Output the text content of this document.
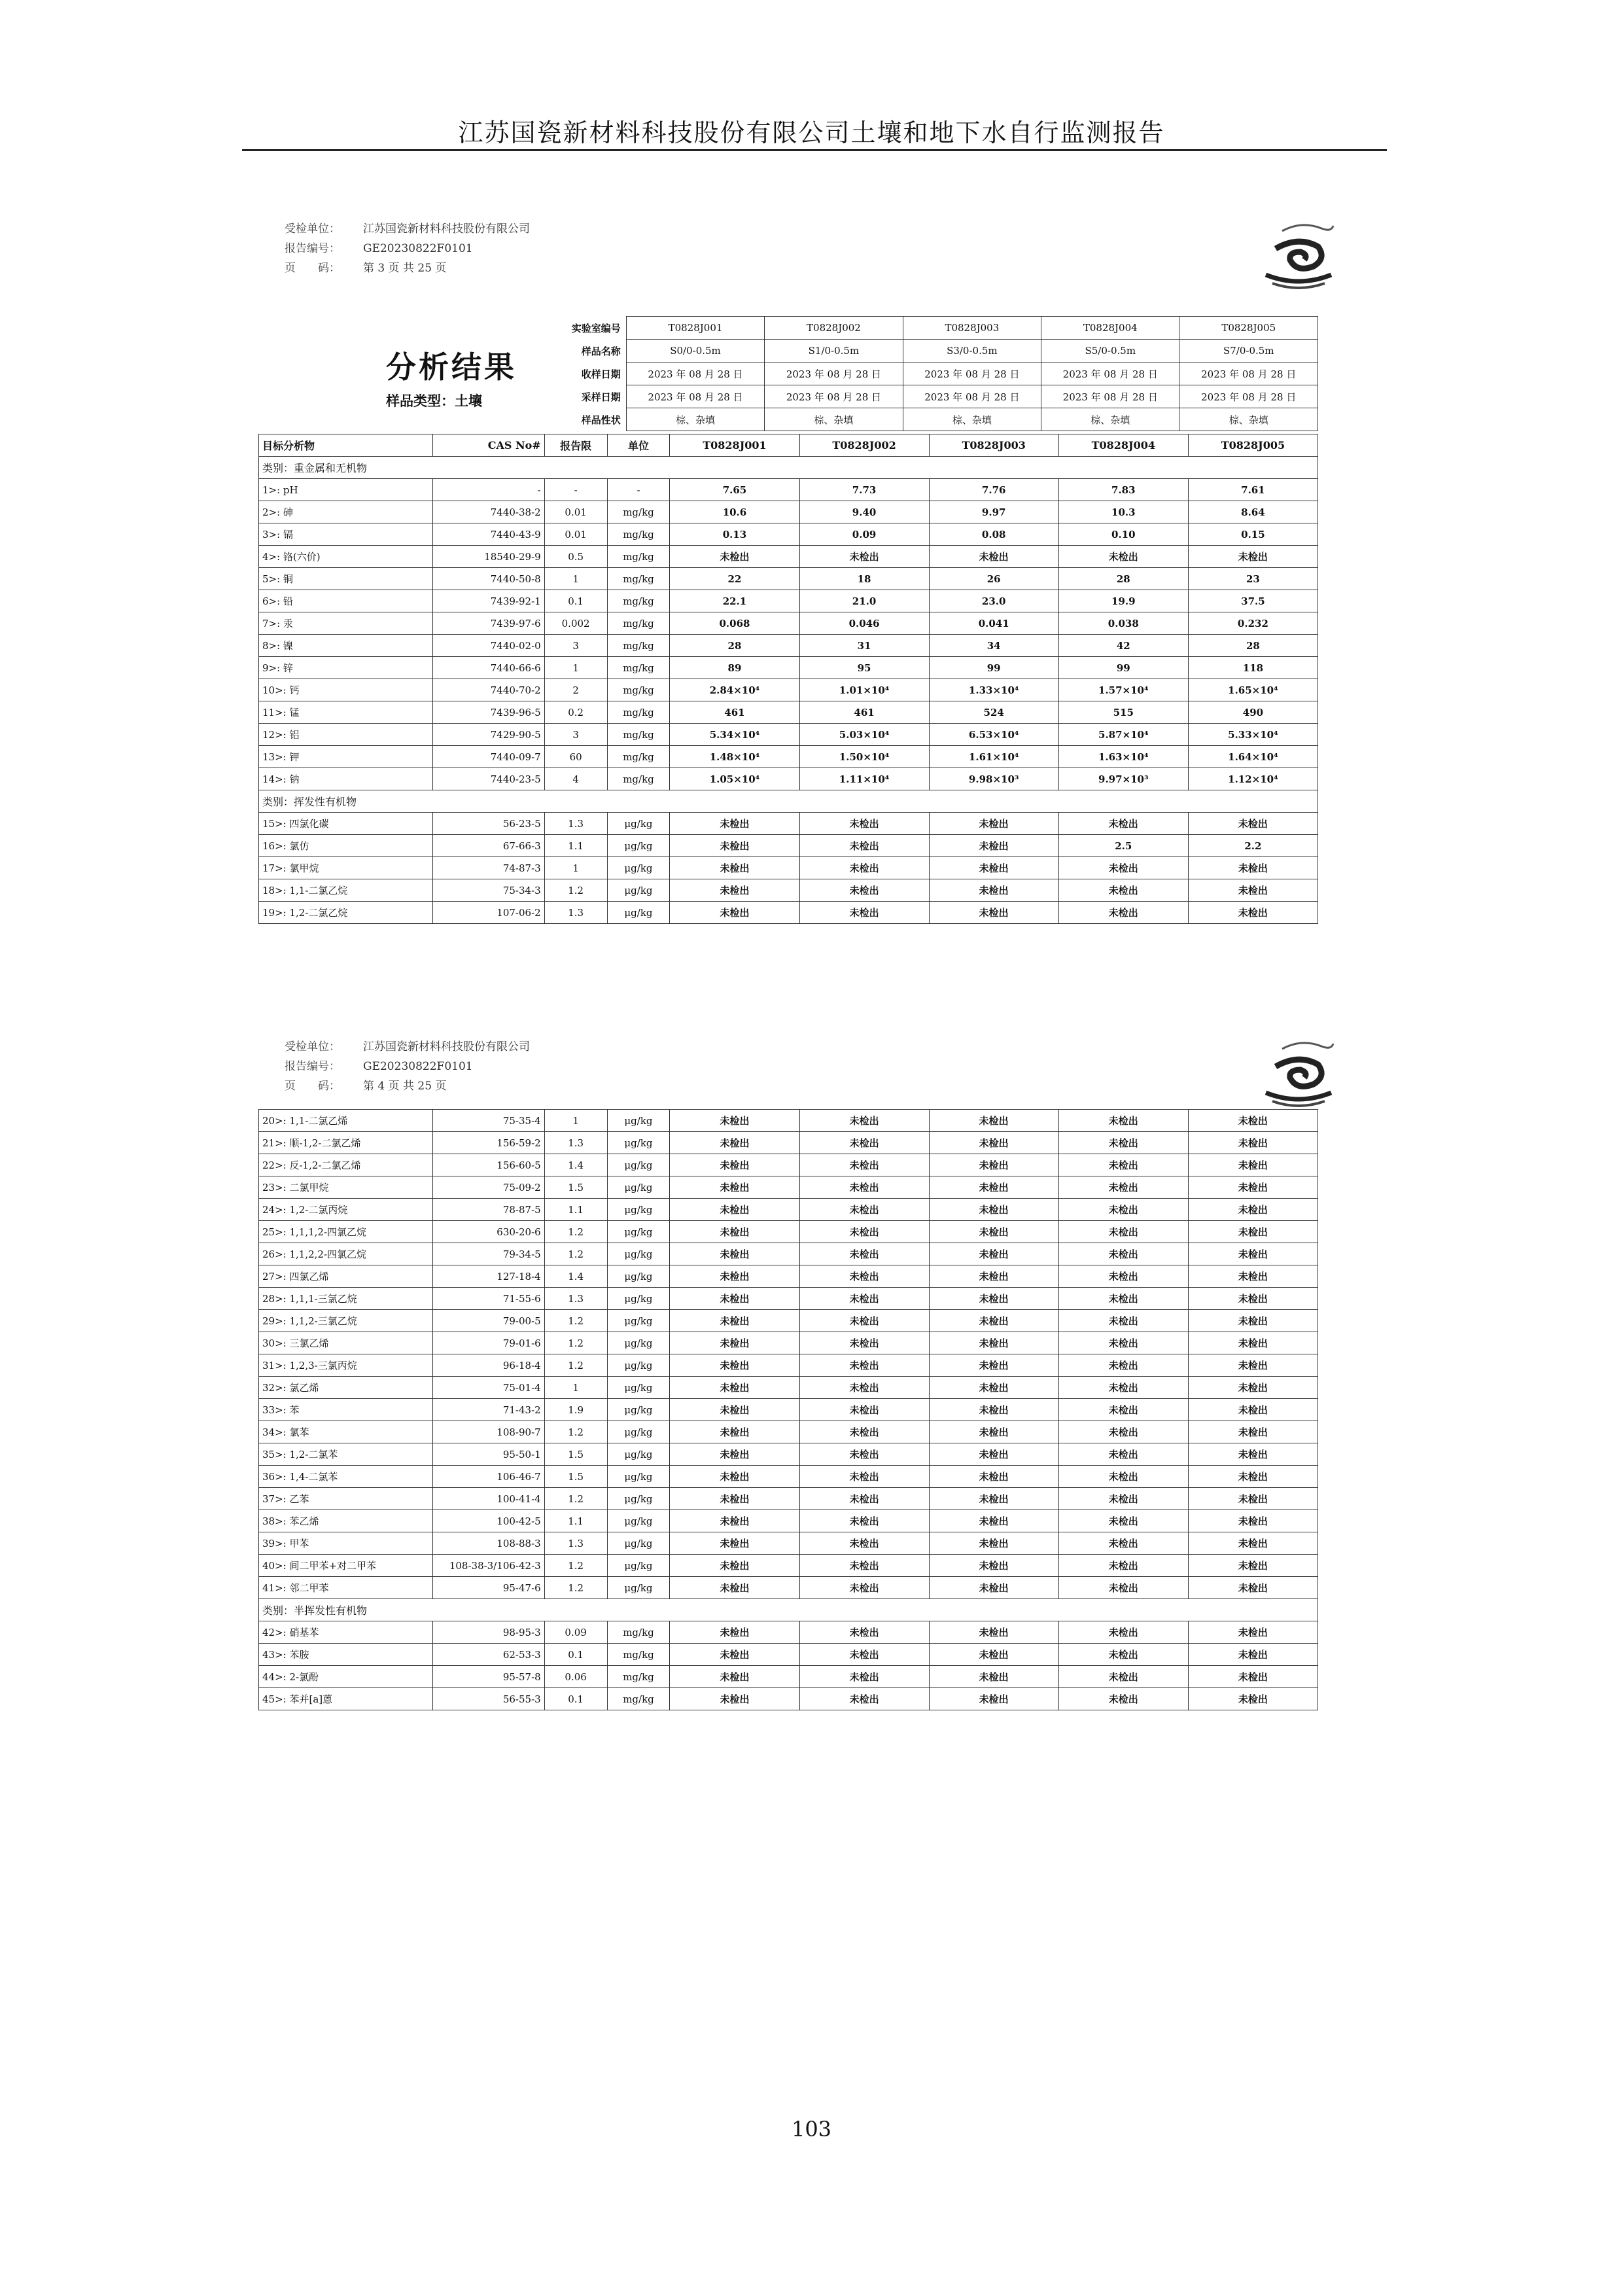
江苏国瓷新材料科技股份有限公司土壤和地下水自行监测报告
受检单位： 江苏国瓷新材料科技股份有限公司
报告编号： GE20230822F0101
页　　码： 第 3 页 共 25 页
分析结果
样品类型：土壤
			实验室编号	T0828J001	T0828J002	T0828J003	T0828J004	T0828J005
			样品名称	S0/0-0.5m	S1/0-0.5m	S3/0-0.5m	S5/0-0.5m	S7/0-0.5m
			收样日期	2023 年 08 月 28 日	2023 年 08 月 28 日	2023 年 08 月 28 日	2023 年 08 月 28 日	2023 年 08 月 28 日
			采样日期	2023 年 08 月 28 日	2023 年 08 月 28 日	2023 年 08 月 28 日	2023 年 08 月 28 日	2023 年 08 月 28 日
			样品性状	棕、杂填	棕、杂填	棕、杂填	棕、杂填	棕、杂填
目标分析物	CAS No#	报告限	单位	T0828J001	T0828J002	T0828J003	T0828J004	T0828J005
类别：重金属和无机物								
1>: pH	-	-	-	7.65	7.73	7.76	7.83	7.61
2>: 砷	7440-38-2	0.01	mg/kg	10.6	9.40	9.97	10.3	8.64
3>: 镉	7440-43-9	0.01	mg/kg	0.13	0.09	0.08	0.10	0.15
4>: 铬(六价)	18540-29-9	0.5	mg/kg	未检出	未检出	未检出	未检出	未检出
5>: 铜	7440-50-8	1	mg/kg	22	18	26	28	23
6>: 铅	7439-92-1	0.1	mg/kg	22.1	21.0	23.0	19.9	37.5
7>: 汞	7439-97-6	0.002	mg/kg	0.068	0.046	0.041	0.038	0.232
8>: 镍	7440-02-0	3	mg/kg	28	31	34	42	28
9>: 锌	7440-66-6	1	mg/kg	89	95	99	99	118
10>: 钙	7440-70-2	2	mg/kg	2.84×10⁴	1.01×10⁴	1.33×10⁴	1.57×10⁴	1.65×10⁴
11>: 锰	7439-96-5	0.2	mg/kg	461	461	524	515	490
12>: 铝	7429-90-5	3	mg/kg	5.34×10⁴	5.03×10⁴	6.53×10⁴	5.87×10⁴	5.33×10⁴
13>: 钾	7440-09-7	60	mg/kg	1.48×10⁴	1.50×10⁴	1.61×10⁴	1.63×10⁴	1.64×10⁴
14>: 钠	7440-23-5	4	mg/kg	1.05×10⁴	1.11×10⁴	9.98×10³	9.97×10³	1.12×10⁴
类别：挥发性有机物								
15>: 四氯化碳	56-23-5	1.3	μg/kg	未检出	未检出	未检出	未检出	未检出
16>: 氯仿	67-66-3	1.1	μg/kg	未检出	未检出	未检出	2.5	2.2
17>: 氯甲烷	74-87-3	1	μg/kg	未检出	未检出	未检出	未检出	未检出
18>: 1,1-二氯乙烷	75-34-3	1.2	μg/kg	未检出	未检出	未检出	未检出	未检出
19>: 1,2-二氯乙烷	107-06-2	1.3	μg/kg	未检出	未检出	未检出	未检出	未检出
受检单位： 江苏国瓷新材料科技股份有限公司
报告编号： GE20230822F0101
页　　码： 第 4 页 共 25 页
20>: 1,1-二氯乙烯	75-35-4	1	μg/kg	未检出	未检出	未检出	未检出	未检出
21>: 顺-1,2-二氯乙烯	156-59-2	1.3	μg/kg	未检出	未检出	未检出	未检出	未检出
22>: 反-1,2-二氯乙烯	156-60-5	1.4	μg/kg	未检出	未检出	未检出	未检出	未检出
23>: 二氯甲烷	75-09-2	1.5	μg/kg	未检出	未检出	未检出	未检出	未检出
24>: 1,2-二氯丙烷	78-87-5	1.1	μg/kg	未检出	未检出	未检出	未检出	未检出
25>: 1,1,1,2-四氯乙烷	630-20-6	1.2	μg/kg	未检出	未检出	未检出	未检出	未检出
26>: 1,1,2,2-四氯乙烷	79-34-5	1.2	μg/kg	未检出	未检出	未检出	未检出	未检出
27>: 四氯乙烯	127-18-4	1.4	μg/kg	未检出	未检出	未检出	未检出	未检出
28>: 1,1,1-三氯乙烷	71-55-6	1.3	μg/kg	未检出	未检出	未检出	未检出	未检出
29>: 1,1,2-三氯乙烷	79-00-5	1.2	μg/kg	未检出	未检出	未检出	未检出	未检出
30>: 三氯乙烯	79-01-6	1.2	μg/kg	未检出	未检出	未检出	未检出	未检出
31>: 1,2,3-三氯丙烷	96-18-4	1.2	μg/kg	未检出	未检出	未检出	未检出	未检出
32>: 氯乙烯	75-01-4	1	μg/kg	未检出	未检出	未检出	未检出	未检出
33>: 苯	71-43-2	1.9	μg/kg	未检出	未检出	未检出	未检出	未检出
34>: 氯苯	108-90-7	1.2	μg/kg	未检出	未检出	未检出	未检出	未检出
35>: 1,2-二氯苯	95-50-1	1.5	μg/kg	未检出	未检出	未检出	未检出	未检出
36>: 1,4-二氯苯	106-46-7	1.5	μg/kg	未检出	未检出	未检出	未检出	未检出
37>: 乙苯	100-41-4	1.2	μg/kg	未检出	未检出	未检出	未检出	未检出
38>: 苯乙烯	100-42-5	1.1	μg/kg	未检出	未检出	未检出	未检出	未检出
39>: 甲苯	108-88-3	1.3	μg/kg	未检出	未检出	未检出	未检出	未检出
40>: 间二甲苯+对二甲苯	108-38-3/106-42-3	1.2	μg/kg	未检出	未检出	未检出	未检出	未检出
41>: 邻二甲苯	95-47-6	1.2	μg/kg	未检出	未检出	未检出	未检出	未检出
类别：半挥发性有机物								
42>: 硝基苯	98-95-3	0.09	mg/kg	未检出	未检出	未检出	未检出	未检出
43>: 苯胺	62-53-3	0.1	mg/kg	未检出	未检出	未检出	未检出	未检出
44>: 2-氯酚	95-57-8	0.06	mg/kg	未检出	未检出	未检出	未检出	未检出
45>: 苯并[a]蒽	56-55-3	0.1	mg/kg	未检出	未检出	未检出	未检出	未检出
103
